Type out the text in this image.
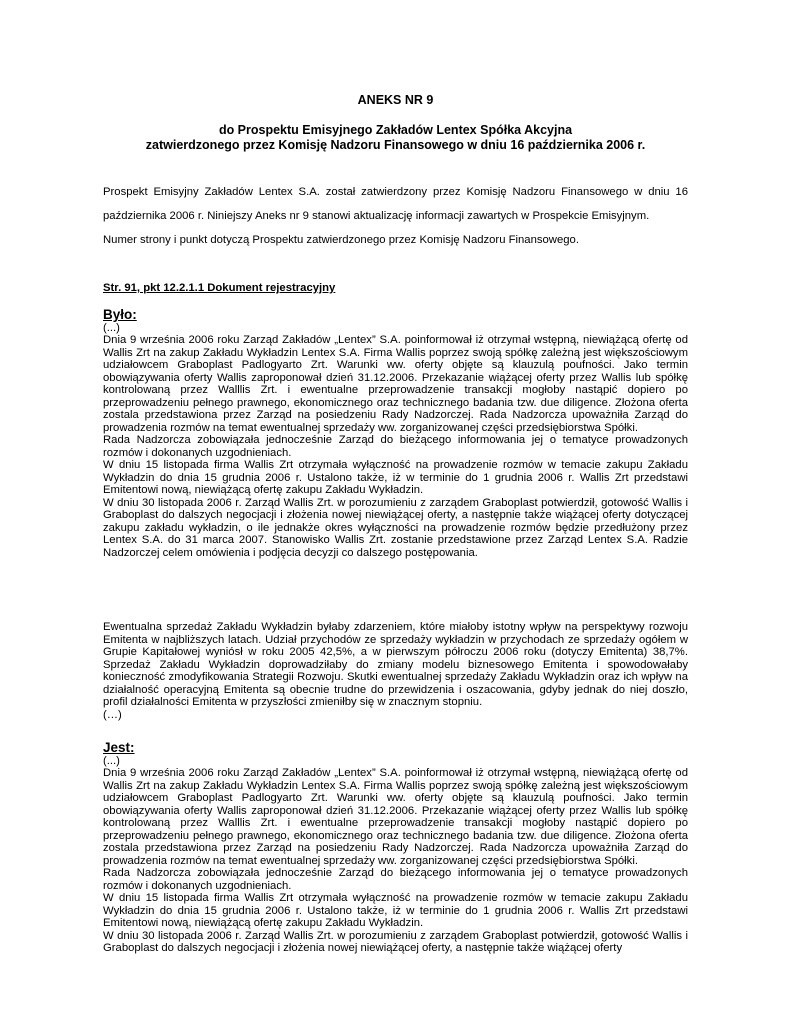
ANEKS NR 9

do Prospektu Emisyjnego Zakładów Lentex Spółka Akcyjna

zatwierdzonego przez Komisję Nadzoru Finansowego w dniu 16 października 2006 r.

Prospekt Emisyjny Zakładów Lentex S.A. został zatwierdzony przez Komisję Nadzoru Finansowego w dniu 16 października 2006 r. Niniejszy Aneks nr 9 stanowi aktualizację informacji zawartych w Prospekcie Emisyjnym.

Numer strony i punkt dotyczą Prospektu zatwierdzonego przez Komisję Nadzoru Finansowego.

Str. 91, pkt 12.2.1.1 Dokument rejestracyjny

Było:

(...)

Dnia 9 września 2006 roku Zarząd Zakładów „Lentex” S.A. poinformował iż otrzymał wstępną, niewiążącą ofertę od Wallis Zrt na zakup Zakładu Wykładzin Lentex S.A. Firma Wallis poprzez swoją spółkę zależną jest większościowym udziałowcem Graboplast Padlogyarto Zrt. Warunki ww. oferty objęte są klauzulą poufności. Jako termin obowiązywania oferty Wallis zaproponował dzień 31.12.2006. Przekazanie wiążącej oferty przez Wallis lub spółkę kontrolowaną przez Walllis Zrt. i ewentualne przeprowadzenie transakcji mogłoby nastąpić dopiero po przeprowadzeniu pełnego prawnego, ekonomicznego oraz technicznego badania tzw. due diligence. Złożona oferta zostala przedstawiona przez Zarząd na posiedzeniu Rady Nadzorczej. Rada Nadzorcza upoważniła Zarząd do prowadzenia rozmów na temat ewentualnej sprzedaży ww. zorganizowanej części przedsiębiorstwa Spółki.

Rada Nadzorcza zobowiązała jednocześnie Zarząd do bieżącego informowania jej o tematyce prowadzonych rozmów i dokonanych uzgodnieniach.

W dniu 15 listopada firma Wallis Zrt otrzymała wyłączność na prowadzenie rozmów w temacie zakupu Zakładu Wykładzin do dnia 15 grudnia 2006 r. Ustalono także, iż w terminie do 1 grudnia 2006 r. Wallis Zrt przedstawi Emitentowi nową, niewiążącą ofertę zakupu Zakładu Wykładzin.

W dniu 30 listopada 2006 r. Zarząd Wallis Zrt. w porozumieniu z zarządem Graboplast potwierdził, gotowość Wallis i Graboplast do dalszych negocjacji i złożenia nowej niewiążącej oferty, a następnie także wiążącej oferty dotyczącej zakupu zakładu wykładzin, o ile jednakże okres wyłączności na prowadzenie rozmów będzie przedłużony przez Lentex S.A. do 31 marca 2007. Stanowisko Wallis Zrt. zostanie przedstawione przez Zarząd Lentex S.A. Radzie Nadzorczej celem omówienia i podjęcia decyzji co dalszego postępowania.

Ewentualna sprzedaż Zakładu Wykładzin byłaby zdarzeniem, które miałoby istotny wpływ na perspektywy rozwoju Emitenta w najbliższych latach. Udział przychodów ze sprzedaży wykładzin w przychodach ze sprzedaży ogółem w Grupie Kapitałowej wyniósł w roku 2005 42,5%, a w pierwszym półroczu 2006 roku (dotyczy Emitenta) 38,7%. Sprzedaż Zakładu Wykładzin doprowadziłaby do zmiany modelu biznesowego Emitenta i spowodowałaby konieczność zmodyfikowania Strategii Rozwoju. Skutki ewentualnej sprzedaży Zakładu Wykładzin oraz ich wpływ na działalność operacyjną Emitenta są obecnie trudne do przewidzenia i oszacowania, gdyby jednak do niej doszło, profil działalności Emitenta w przyszłości zmieniłby się w znacznym stopniu.

(…)

Jest:

(...)

Dnia 9 września 2006 roku Zarząd Zakładów „Lentex” S.A. poinformował iż otrzymał wstępną, niewiążącą ofertę od Wallis Zrt na zakup Zakładu Wykładzin Lentex S.A. Firma Wallis poprzez swoją spółkę zależną jest większościowym udziałowcem Graboplast Padlogyarto Zrt. Warunki ww. oferty objęte są klauzulą poufności. Jako termin obowiązywania oferty Wallis zaproponował dzień 31.12.2006. Przekazanie wiążącej oferty przez Wallis lub spółkę kontrolowaną przez Walllis Zrt. i ewentualne przeprowadzenie transakcji mogłoby nastąpić dopiero po przeprowadzeniu pełnego prawnego, ekonomicznego oraz technicznego badania tzw. due diligence. Złożona oferta zostala przedstawiona przez Zarząd na posiedzeniu Rady Nadzorczej. Rada Nadzorcza upoważniła Zarząd do prowadzenia rozmów na temat ewentualnej sprzedaży ww. zorganizowanej części przedsiębiorstwa Spółki.

Rada Nadzorcza zobowiązała jednocześnie Zarząd do bieżącego informowania jej o tematyce prowadzonych rozmów i dokonanych uzgodnieniach.

W dniu 15 listopada firma Wallis Zrt otrzymała wyłączność na prowadzenie rozmów w temacie zakupu Zakładu Wykładzin do dnia 15 grudnia 2006 r. Ustalono także, iż w terminie do 1 grudnia 2006 r. Wallis Zrt przedstawi Emitentowi nową, niewiążącą ofertę zakupu Zakładu Wykładzin.

W dniu 30 listopada 2006 r. Zarząd Wallis Zrt. w porozumieniu z zarządem Graboplast potwierdził, gotowość Wallis i Graboplast do dalszych negocjacji i złożenia nowej niewiążącej oferty, a następnie także wiążącej oferty
